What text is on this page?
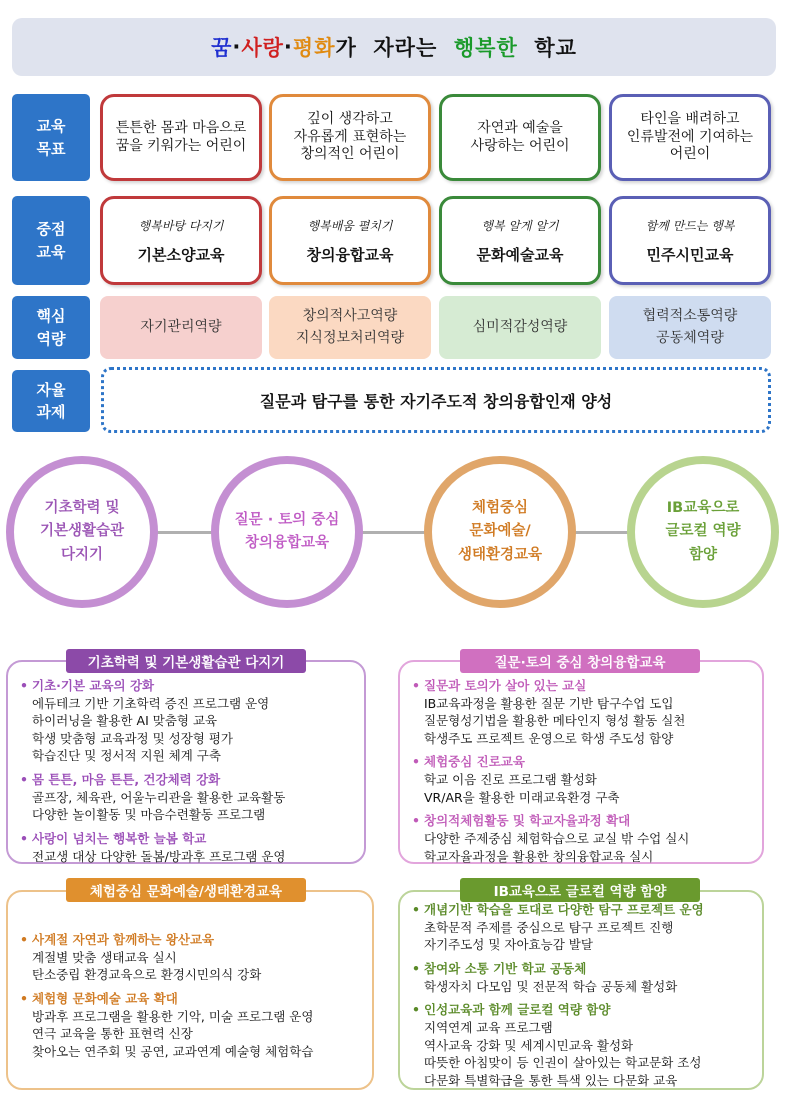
꿈 · 사랑 · 평화 가  자라는 행복한 학교
교육
목표
중점
교육
핵심
역량
자율
과제
튼튼한 몸과 마음으로
꿈을 키워가는 어린이
깊이 생각하고
자유롭게 표현하는
창의적인 어린이
자연과 예술을
사랑하는 어린이
타인을 배려하고
인류발전에 기여하는
어린이
행복바탕 다지기
기본소양교육
행복배움 펼치기
창의융합교육
행복 알게 알기
문화예술교육
함께 만드는 행복
민주시민교육
자기관리역량
창의적사고역량
지식정보처리역량
심미적감성역량
협력적소통역량
공동체역량
질문과 탐구를 통한 자기주도적 창의융합인재 양성
기초학력 및
기본생활습관
다지기
질문 · 토의 중심
창의융합교육
체험중심
문화예술/
생태환경교육
IB교육으로
글로컬 역량
함양
기초학력 및 기본생활습관 다지기
• 기초·기본 교육의 강화
에듀테크 기반 기초학력 증진 프로그램 운영
하이러닝을 활용한 AI 맞춤형 교육
학생 맞춤형 교육과정 및 성장형 평가
학습진단 및 정서적 지원 체계 구축
• 몸 튼튼, 마음 튼튼, 건강체력 강화
골프장, 체육관, 어울누리관을 활용한 교육활동
다양한 놀이활동 및 마음수련활동 프로그램
• 사랑이 넘치는 행복한 늘봄 학교
전교생 대상 다양한 돌봄/방과후 프로그램 운영
질문·토의 중심 창의융합교육
• 질문과 토의가 살아 있는 교실
IB교육과정을 활용한 질문 기반 탐구수업 도입
질문형성기법을 활용한 메타인지 형성 활동 실천
학생주도 프로젝트 운영으로 학생 주도성 함양
• 체험중심 진로교육
학교 이음 진로 프로그램 활성화
VR/AR을 활용한 미래교육환경 구축
• 창의적체험활동 및 학교자율과정 확대
다양한 주제중심 체험학습으로 교실 밖 수업 실시
학교자율과정을 활용한 창의융합교육 실시
체험중심 문화예술/생태환경교육
• 사계절 자연과 함께하는 왕산교육
계절별 맞춤 생태교육 실시
탄소중립 환경교육으로 환경시민의식 강화
• 체험형 문화예술 교육 확대
방과후 프로그램을 활용한 기악, 미술 프로그램 운영
연극 교육을 통한 표현력 신장
찾아오는 연주회 및 공연, 교과연계 예술형 체험학습
IB교육으로 글로컬 역량 함양
• 개념기반 학습을 토대로 다양한 탐구 프로젝트 운영
초학문적 주제를 중심으로 탐구 프로젝트 진행
자기주도성 및 자아효능감 발달
• 참여와 소통 기반 학교 공동체
학생자치 다모임 및 전문적 학습 공동체 활성화
• 인성교육과 함께 글로컬 역량 함양
지역연계 교육 프로그램
역사교육 강화 및 세계시민교육 활성화
따뜻한 아침맞이 등 인권이 살아있는 학교문화 조성
다문화 특별학급을 통한 특색 있는 다문화 교육
